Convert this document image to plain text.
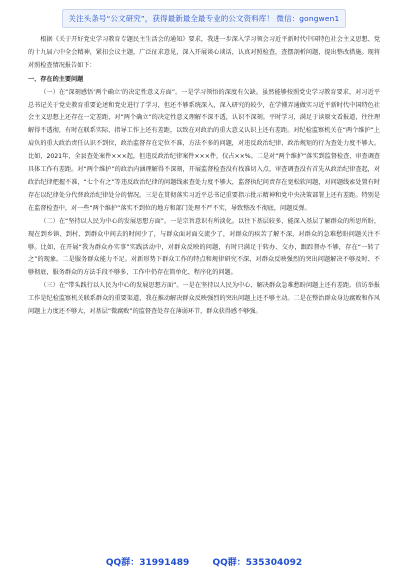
关注头条号“公文研究”，获得最新最全最专业的公文资料库！ 微信：gongwen1

根据《关于开好党史学习教育专题民主生活会的通知》要求，我进一步深入学习领会习近平新时代中国特色社会主义思想、党的十九届六中全会精神，紧扣会议主题，广泛征求意见，深入开展谈心谈话，认真对照检查，查摆剖析问题，提出整改措施。现将对照检查情况报告如下：

一、存在的主要问题

（一）在“深刻感悟‘两个确立’的决定性意义方面”。一是学习领悟的深度有欠缺。虽然能够按照党史学习教育要求，对习近平总书记关于党史教育重要论述和党史进行了学习，但还不够系统深入，深入研究的较少，在学懂弄通做实习近平新时代中国特色社会主义思想上还存在一定差距，对“两个确立”的决定性意义理解不深不透，认识不深刻。平时学习，满足于读原文看报道，往往理解得不透彻，有时在联系实际、指导工作上还有差距，以致在对政治的重大意义认识上还有差距。对纪检监察机关在“两个维护”上肩负的重大政治责任认识不到位，政治监督存在定位不准，方法不多的问题，对违反政治纪律、政治规矩的行为查处力度不够大。比如，2021年，全县查处案件×××起，但违反政治纪律案件×××件，仅占××%。二是对“两个维护”落实到监督检查，审查调查具体工作有差距。对“两个维护”的政治内涵理解得不深刻，开展监督检查没有找准切入点，审查调查没有首先从政治纪律查起，对政治纪律把握不准，“七个有之”等违反政治纪律的问题线索查处力度不够大，监督执纪问责存在宽松软问题，对问题线索处置有时存在以纪律处分代替政治纪律处分的情况。三是在贯彻落实习近平总书记重要指示批示精神和党中央决策部署上还有差距。特别是在监督检查中，对一些“两个维护”落实不到位的地方和部门处理不严不实，导致整改不彻底，问题反弹。

（二）在“坚持以人民为中心的发展思想方面”。一是宗旨意识有所淡化。以往下基层较多，能深入基层了解群众的所思所盼，现在到乡镇、到村、到群众中间去的时间少了，与群众面对面交流少了，对群众的疾苦了解不深，对群众的急难愁盼问题关注不够。比如，在开展“我为群众办实事”实践活动中，对群众反映的问题，有时只满足于转办、交办，跟踪督办不够，存在“一转了之”的现象。二是服务群众能力不足。对新形势下群众工作的特点和规律研究不深，对群众反映强烈的突出问题解决不够及时、不够彻底，服务群众的方法手段不够多，工作中仍存在简单化、程序化的问题。

（三）在“带头践行以人民为中心的发展思想方面”。一是在坚持以人民为中心、解决群众急难愁盼问题上还有差距。信访举报工作是纪检监察机关联系群众的重要渠道，我在推动解决群众反映强烈的突出问题上还不够主动。二是在整治群众身边腐败和作风问题上力度还不够大，对基层“微腐败”的监督查处存在薄弱环节，群众获得感不够强。

QQ群：31991489	QQ群：535304092
